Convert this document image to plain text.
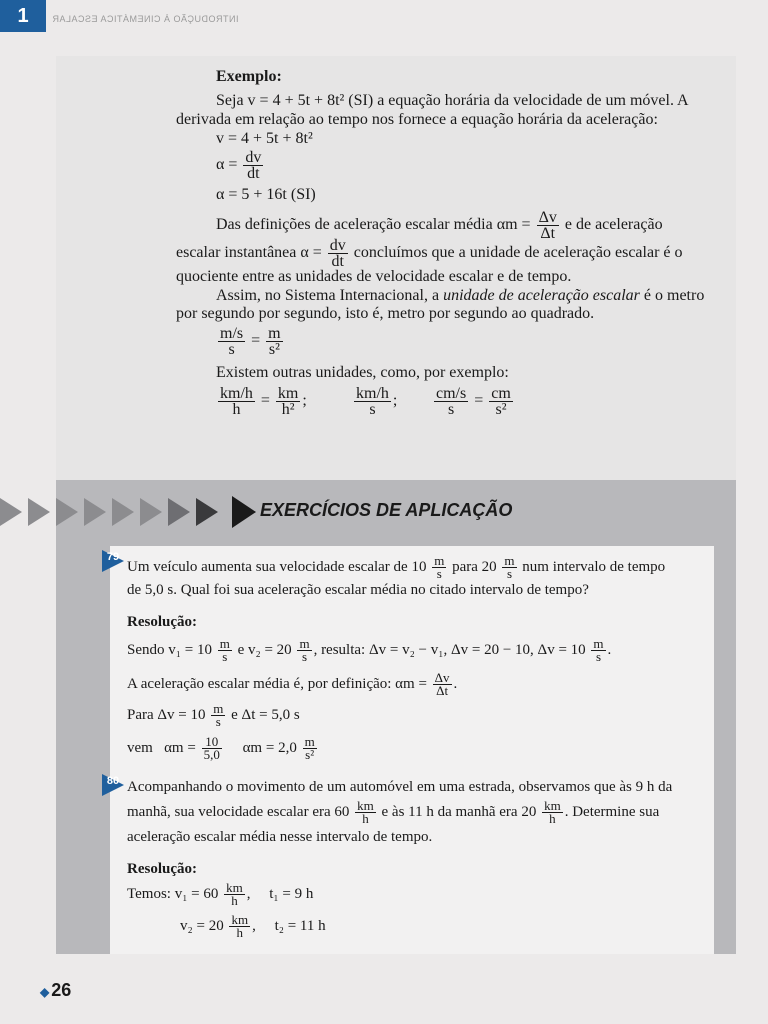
1	INTRODUÇÃO À CINEMÁTICA ESCALAR
Exemplo:
Seja v = 4 + 5t + 8t² (SI) a equação horária da velocidade de um móvel. A
derivada em relação ao tempo nos fornece a equação horária da aceleração:
v = 4 + 5t + 8t²
$\alpha = \frac{dv}{dt}$
α = 5 + 16t (SI)
Das definições de aceleração escalar média $\alpha m = \frac{\Delta v}{\Delta t}$ e de aceleração
escalar instantânea $\alpha = \frac{dv}{dt}$ concluímos que a unidade de aceleração escalar é o
quociente entre as unidades de velocidade escalar e de tempo.
Assim, no Sistema Internacional, a unidade de aceleração escalar é o metro
por segundo por segundo, isto é, metro por segundo ao quadrado.
$\frac{m/s}{s} = \frac{m}{\text{s²}}$
Existem outras unidades, como, por exemplo:
$\frac{km/h}{h} = \frac{km}{\text{h²}}$ ;	$\frac{km/h}{s}$ ; $\frac{cm/s}{s} = \frac{cm}{\text{s²}}$
EXERCÍCIOS DE APLICAÇÃO
79
Um veículo aumenta sua velocidade escalar de $10 \frac{m}{s}$ para $20 \frac{m}{s}$ num intervalo de tempo
de 5,0 s. Qual foi sua aceleração escalar média no citado intervalo de tempo?
Resolução:
Sendo $v_1 = 10 \frac{m}{s}$ e $v_2 = 20 \frac{m}{s}$ , resulta: Δv = v₂ − v₁, Δv = 20 − 10, $\Delta v = 10 \frac{m}{s}$ .
A aceleração escalar média é, por definição: $\alpha m = \frac{\Delta v}{\Delta t}$ .
Para $\Delta v = 10 \frac{m}{s}$ e Δt = 5,0 s
vem $\alpha m = \frac{10}{5,0}$ $\alpha m = 2,0 \frac{m}{\text{s²}}$
80 Acompanhando o movimento de um automóvel em uma estrada, observamos que às 9 h da
manhã, sua velocidade escalar era $60 \frac{km}{h}$ e às 11 h da manhã era $20 \frac{km}{h}$ . Determine sua
aceleração escalar média nesse intervalo de tempo.
Resolução:
Temos: $v_1 = 60 \frac{km}{h}$ ,     t₁ = 9 h
$v_2 = 20 \frac{km}{h}$ ,     t₂ = 11 h
◆ 26
